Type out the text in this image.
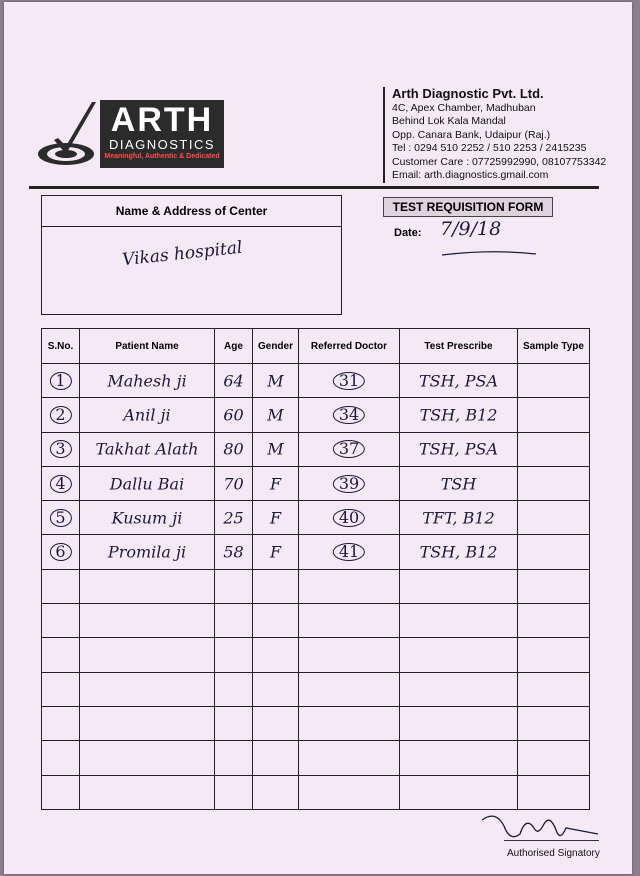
ARTH
DIAGNOSTICS
Meaningful, Authentic & Dedicated
Arth Diagnostic Pvt. Ltd.
4C, Apex Chamber, Madhuban
Behind Lok Kala Mandal
Opp. Canara Bank, Udaipur (Raj.)
Tel : 0294 510 2252 / 510 2253 / 2415235
Customer Care : 07725992990, 08107753342
Email: arth.diagnostics.gmail.com
Name & Address of Center
Vikas hospital
TEST REQUISITION FORM
Date: 7/9/18
S.No.	Patient Name	Age	Gender	Referred Doctor	Test Prescribe	Sample Type

1	Mahesh ji	64	M	31	TSH, PSA	

2	Anil ji	60	M	34	TSH, B12	

3	Takhat Alath	80	M	37	TSH, PSA	

4	Dallu Bai	70	F	39	TSH	

5	Kusum ji	25	F	40	TFT, B12	

6	Promila ji	58	F	41	TSH, B12	

Authorised Signatory
